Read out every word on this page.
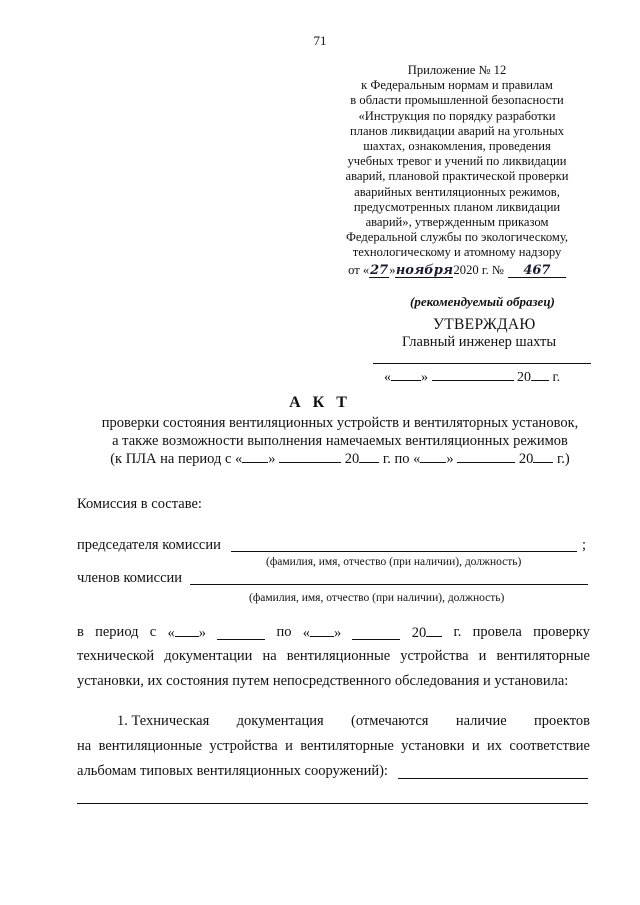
71
Приложение № 12
к Федеральным нормам и правилам
в области промышленной безопасности
«Инструкция по порядку разработки
планов ликвидации аварий на угольных
шахтах, ознакомления, проведения
учебных тревог и учений по ликвидации
аварий, плановой практической проверки
аварийных вентиляционных режимов,
предусмотренных планом ликвидации
аварий», утвержденным приказом
Федеральной службы по экологическому,
технологическому и атомному надзору
от « 27 » ноября 2020 г. №	467
(рекомендуемый образец)
УТВЕРЖДАЮ
Главный инженер шахты
« »	20 г.
А К Т
проверки состояния вентиляционных устройств и вентиляторных установок,
а также возможности выполнения намечаемых вентиляционных режимов
(к ПЛА на период с « »	20 г. по « »	20 г.)
Комиссия в составе:
председателя комиссии	;
(фамилия, имя, отчество (при наличии), должность)
членов комиссии
(фамилия, имя, отчество (при наличии), должность)
в период с « »	по « »	20	г. провела проверку
технической документации на вентиляционные устройства и вентиляторные
установки, их состояния путем непосредственного обследования и установила:
1. Техническая документация (отмечаются наличие проектов
на вентиляционные устройства и вентиляторные установки и их соответствие
альбомам типовых вентиляционных сооружений):
